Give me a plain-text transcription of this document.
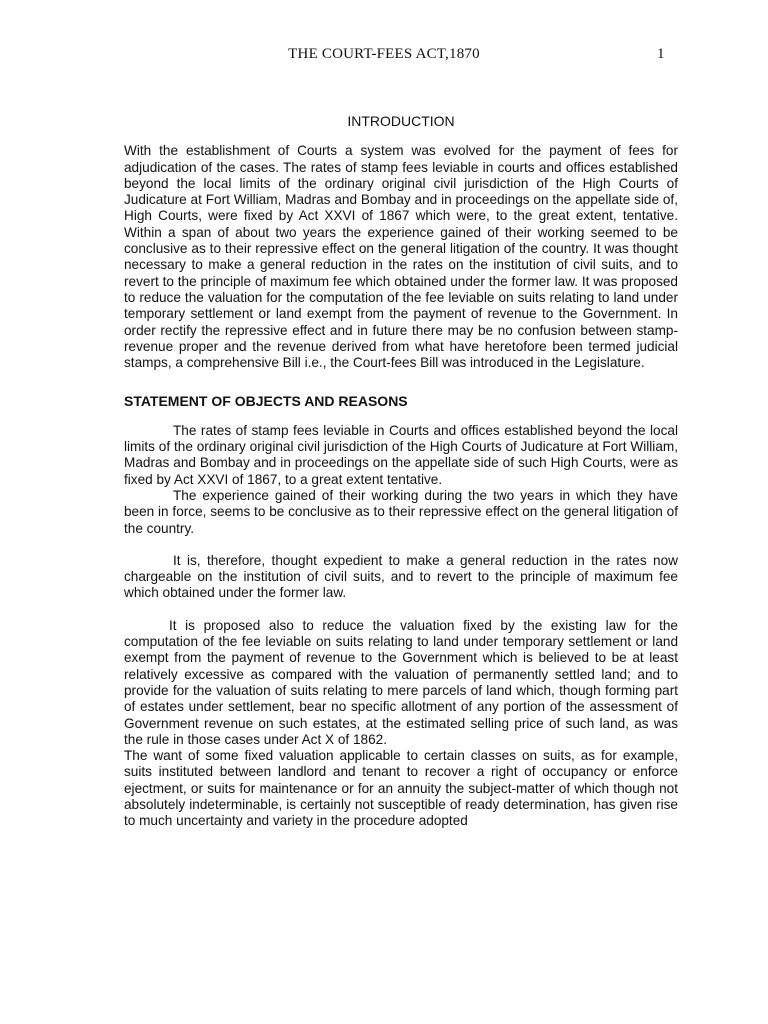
THE COURT-FEES ACT,1870	1
INTRODUCTION

With the establishment of Courts a system was evolved for the payment of fees for adjudication of the cases. The rates of stamp fees leviable in courts and offices established beyond the local limits of the ordinary original civil jurisdiction of the High Courts of Judicature at Fort William, Madras and Bombay and in proceedings on the appellate side of, High Courts, were fixed by Act XXVI of 1867 which were, to the great extent, tentative. Within a span of about two years the experience gained of their working seemed to be conclusive as to their repressive effect on the general litigation of the country. It was thought necessary to make a general reduction in the rates on the institution of civil suits, and to revert to the principle of maximum fee which obtained under the former law. It was proposed to reduce the valuation for the computation of the fee leviable on suits relating to land under temporary settlement or land exempt from the payment of revenue to the Government. In order rectify the repressive effect and in future there may be no confusion between stamp-revenue proper and the revenue derived from what have heretofore been termed judicial stamps, a comprehensive Bill i.e., the Court-fees Bill was introduced in the Legislature.

STATEMENT OF OBJECTS AND REASONS

The rates of stamp fees leviable in Courts and offices established beyond the local limits of the ordinary original civil jurisdiction of the High Courts of Judicature at Fort William, Madras and Bombay and in proceedings on the appellate side of such High Courts, were as fixed by Act XXVI of 1867, to a great extent tentative.

The experience gained of their working during the two years in which they have been in force, seems to be conclusive as to their repressive effect on the general litigation of the country.

It is, therefore, thought expedient to make a general reduction in the rates now chargeable on the institution of civil suits, and to revert to the principle of maximum fee which obtained under the former law.

It is proposed also to reduce the valuation fixed by the existing law for the computation of the fee leviable on suits relating to land under temporary settlement or land exempt from the payment of revenue to the Government which is believed to be at least relatively excessive as compared with the valuation of permanently settled land; and to provide for the valuation of suits relating to mere parcels of land which, though forming part of estates under settlement, bear no specific allotment of any portion of the assessment of Government revenue on such estates, at the estimated selling price of such land, as was the rule in those cases under Act X of 1862.

The want of some fixed valuation applicable to certain classes on suits, as for example, suits instituted between landlord and tenant to recover a right of occupancy or enforce ejectment, or suits for maintenance or for an annuity the subject-matter of which though not absolutely indeterminable, is certainly not susceptible of ready determination, has given rise to much uncertainty and variety in the procedure adopted
